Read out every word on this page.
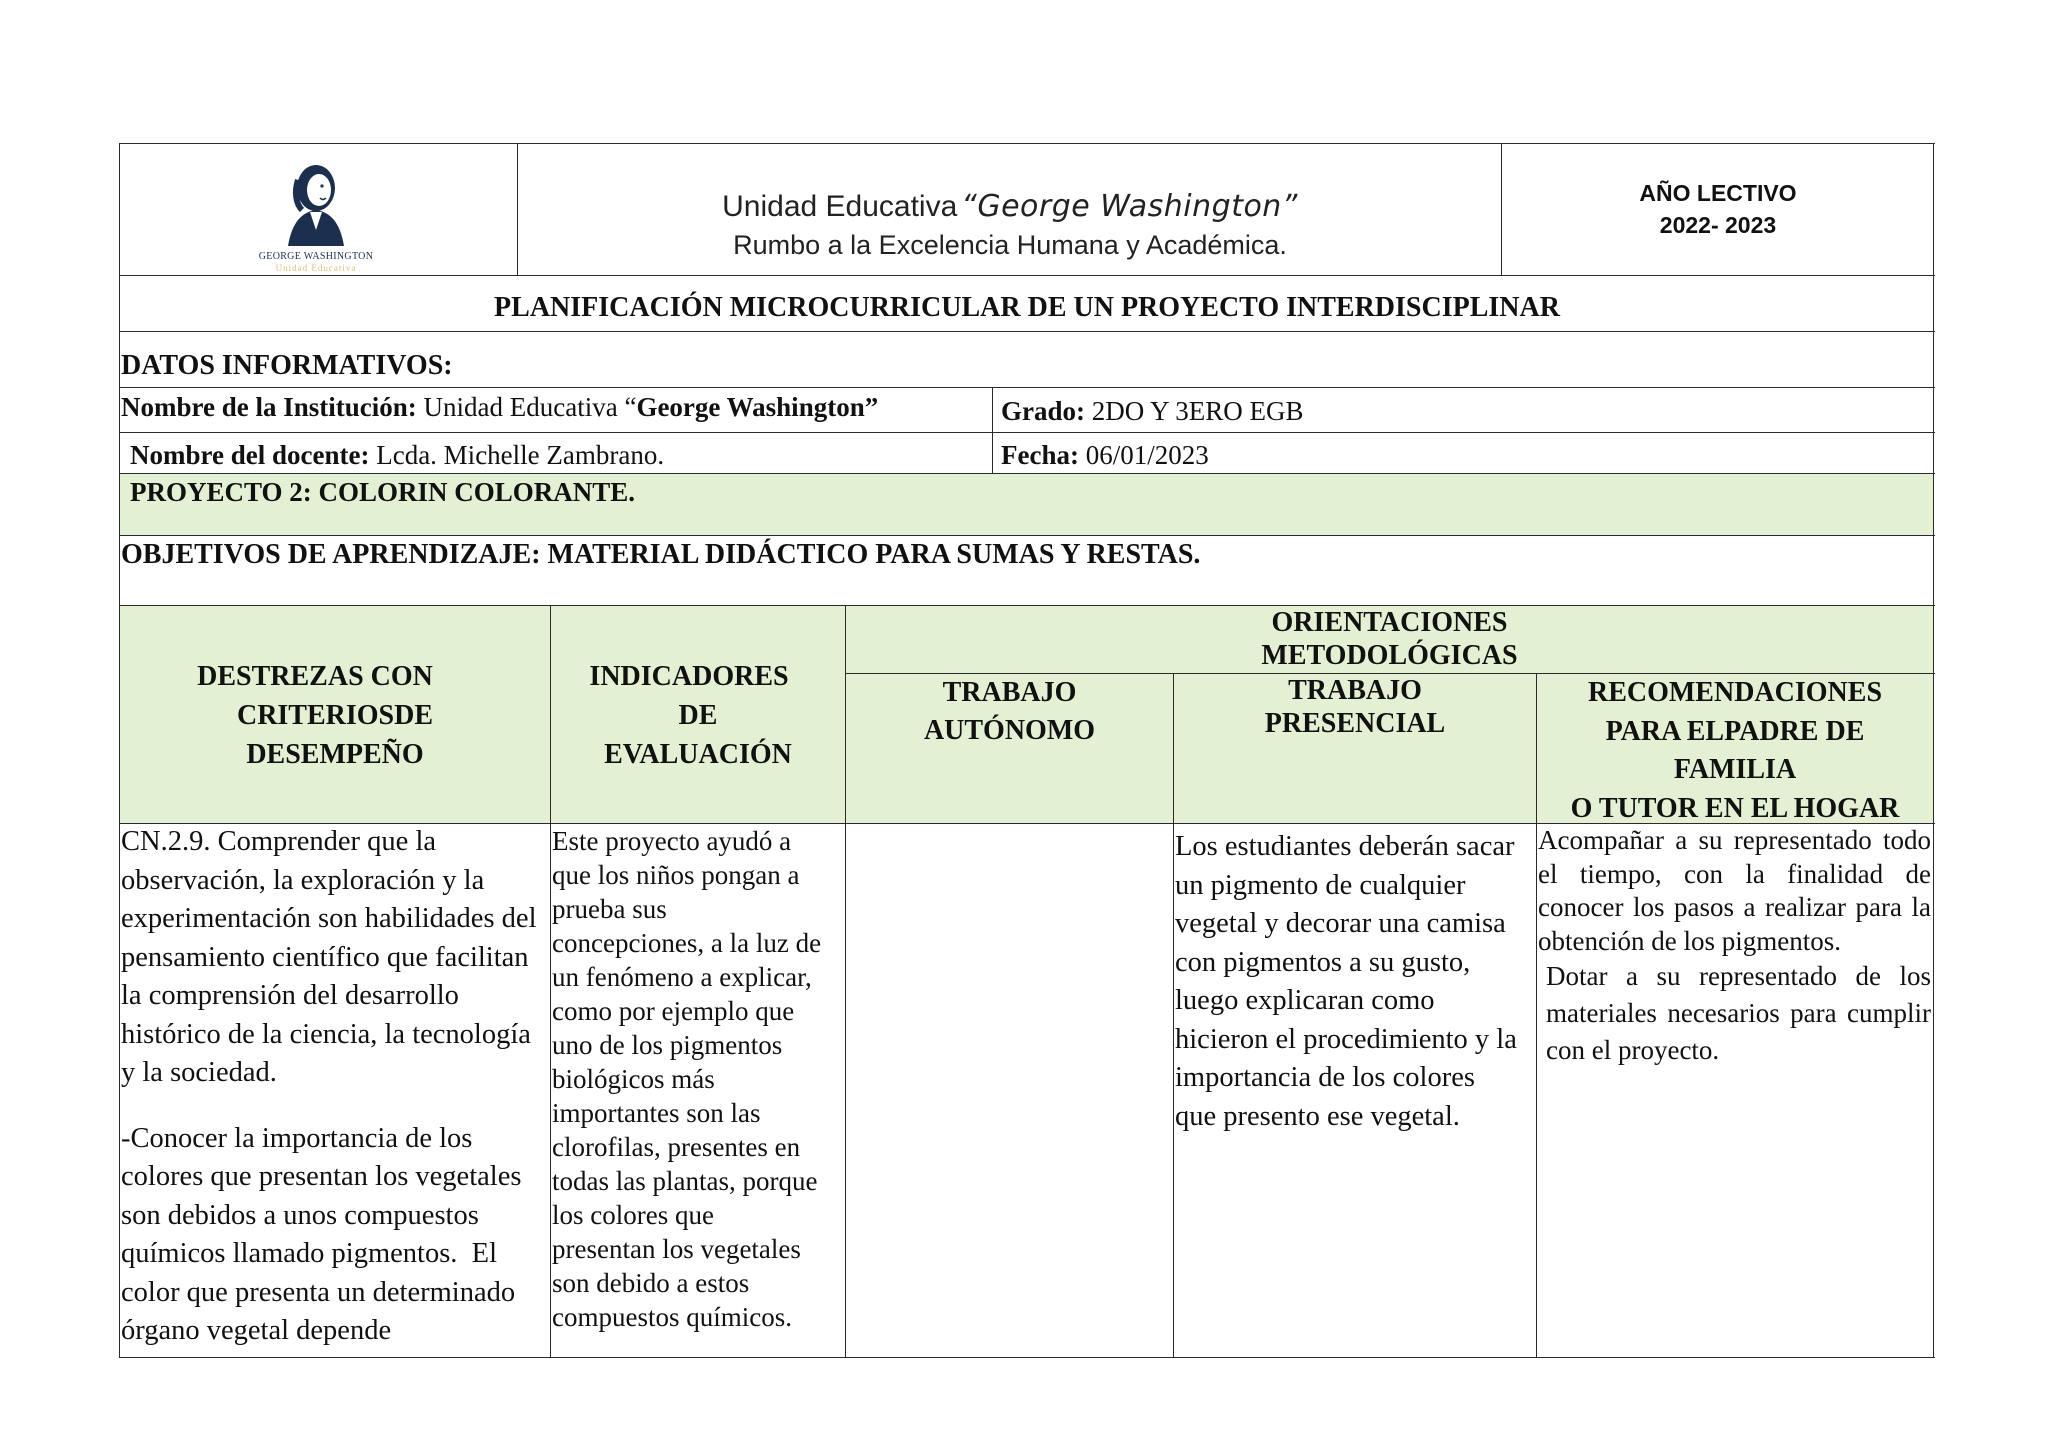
GEORGE WASHINGTON
Unidad Educativa
Unidad Educativa “George Washington”
Rumbo a la Excelencia Humana y Académica.
AÑO LECTIVO
2022- 2023
PLANIFICACIÓN MICROCURRICULAR DE UN PROYECTO INTERDISCIPLINAR
DATOS INFORMATIVOS:
Nombre de la Institución: Unidad Educativa “George Washington”	Grado: 2DO Y 3ERO EGB
Nombre del docente: Lcda. Michelle Zambrano.	Fecha: 06/01/2023
PROYECTO 2: COLORIN COLORANTE.
OBJETIVOS DE APRENDIZAJE: MATERIAL DIDÁCTICO PARA SUMAS Y RESTAS.
DESTREZAS CON
CRITERIOSDE
DESEMPEÑO
INDICADORES
DE
EVALUACIÓN
ORIENTACIONES
METODOLÓGICAS
TRABAJO
AUTÓNOMO
TRABAJO
PRESENCIAL
RECOMENDACIONES
PARA ELPADRE DE
FAMILIA
O TUTOR EN EL HOGAR
CN.2.9. Comprender que la
observación, la exploración y la
experimentación son habilidades del
pensamiento científico que facilitan
la comprensión del desarrollo
histórico de la ciencia, la tecnología
y la sociedad.
-Conocer la importancia de los
colores que presentan los vegetales
son debidos a unos compuestos
químicos llamado pigmentos.  El
color que presenta un determinado
órgano vegetal depende
Este proyecto ayudó a
que los niños pongan a
prueba sus
concepciones, a la luz de
un fenómeno a explicar,
como por ejemplo que
uno de los pigmentos
biológicos más
importantes son las
clorofilas, presentes en
todas las plantas, porque
los colores que
presentan los vegetales
son debido a estos
compuestos químicos.
Los estudiantes deberán sacar
un pigmento de cualquier
vegetal y decorar una camisa
con pigmentos a su gusto,
luego explicaran como
hicieron el procedimiento y la
importancia de los colores
que presento ese vegetal.

Acompañar a su representado todo el tiempo, con la finalidad de conocer los pasos a realizar para la obtención de los pigmentos.

Dotar a su representado de los materiales necesarios para cumplir con el proyecto.
